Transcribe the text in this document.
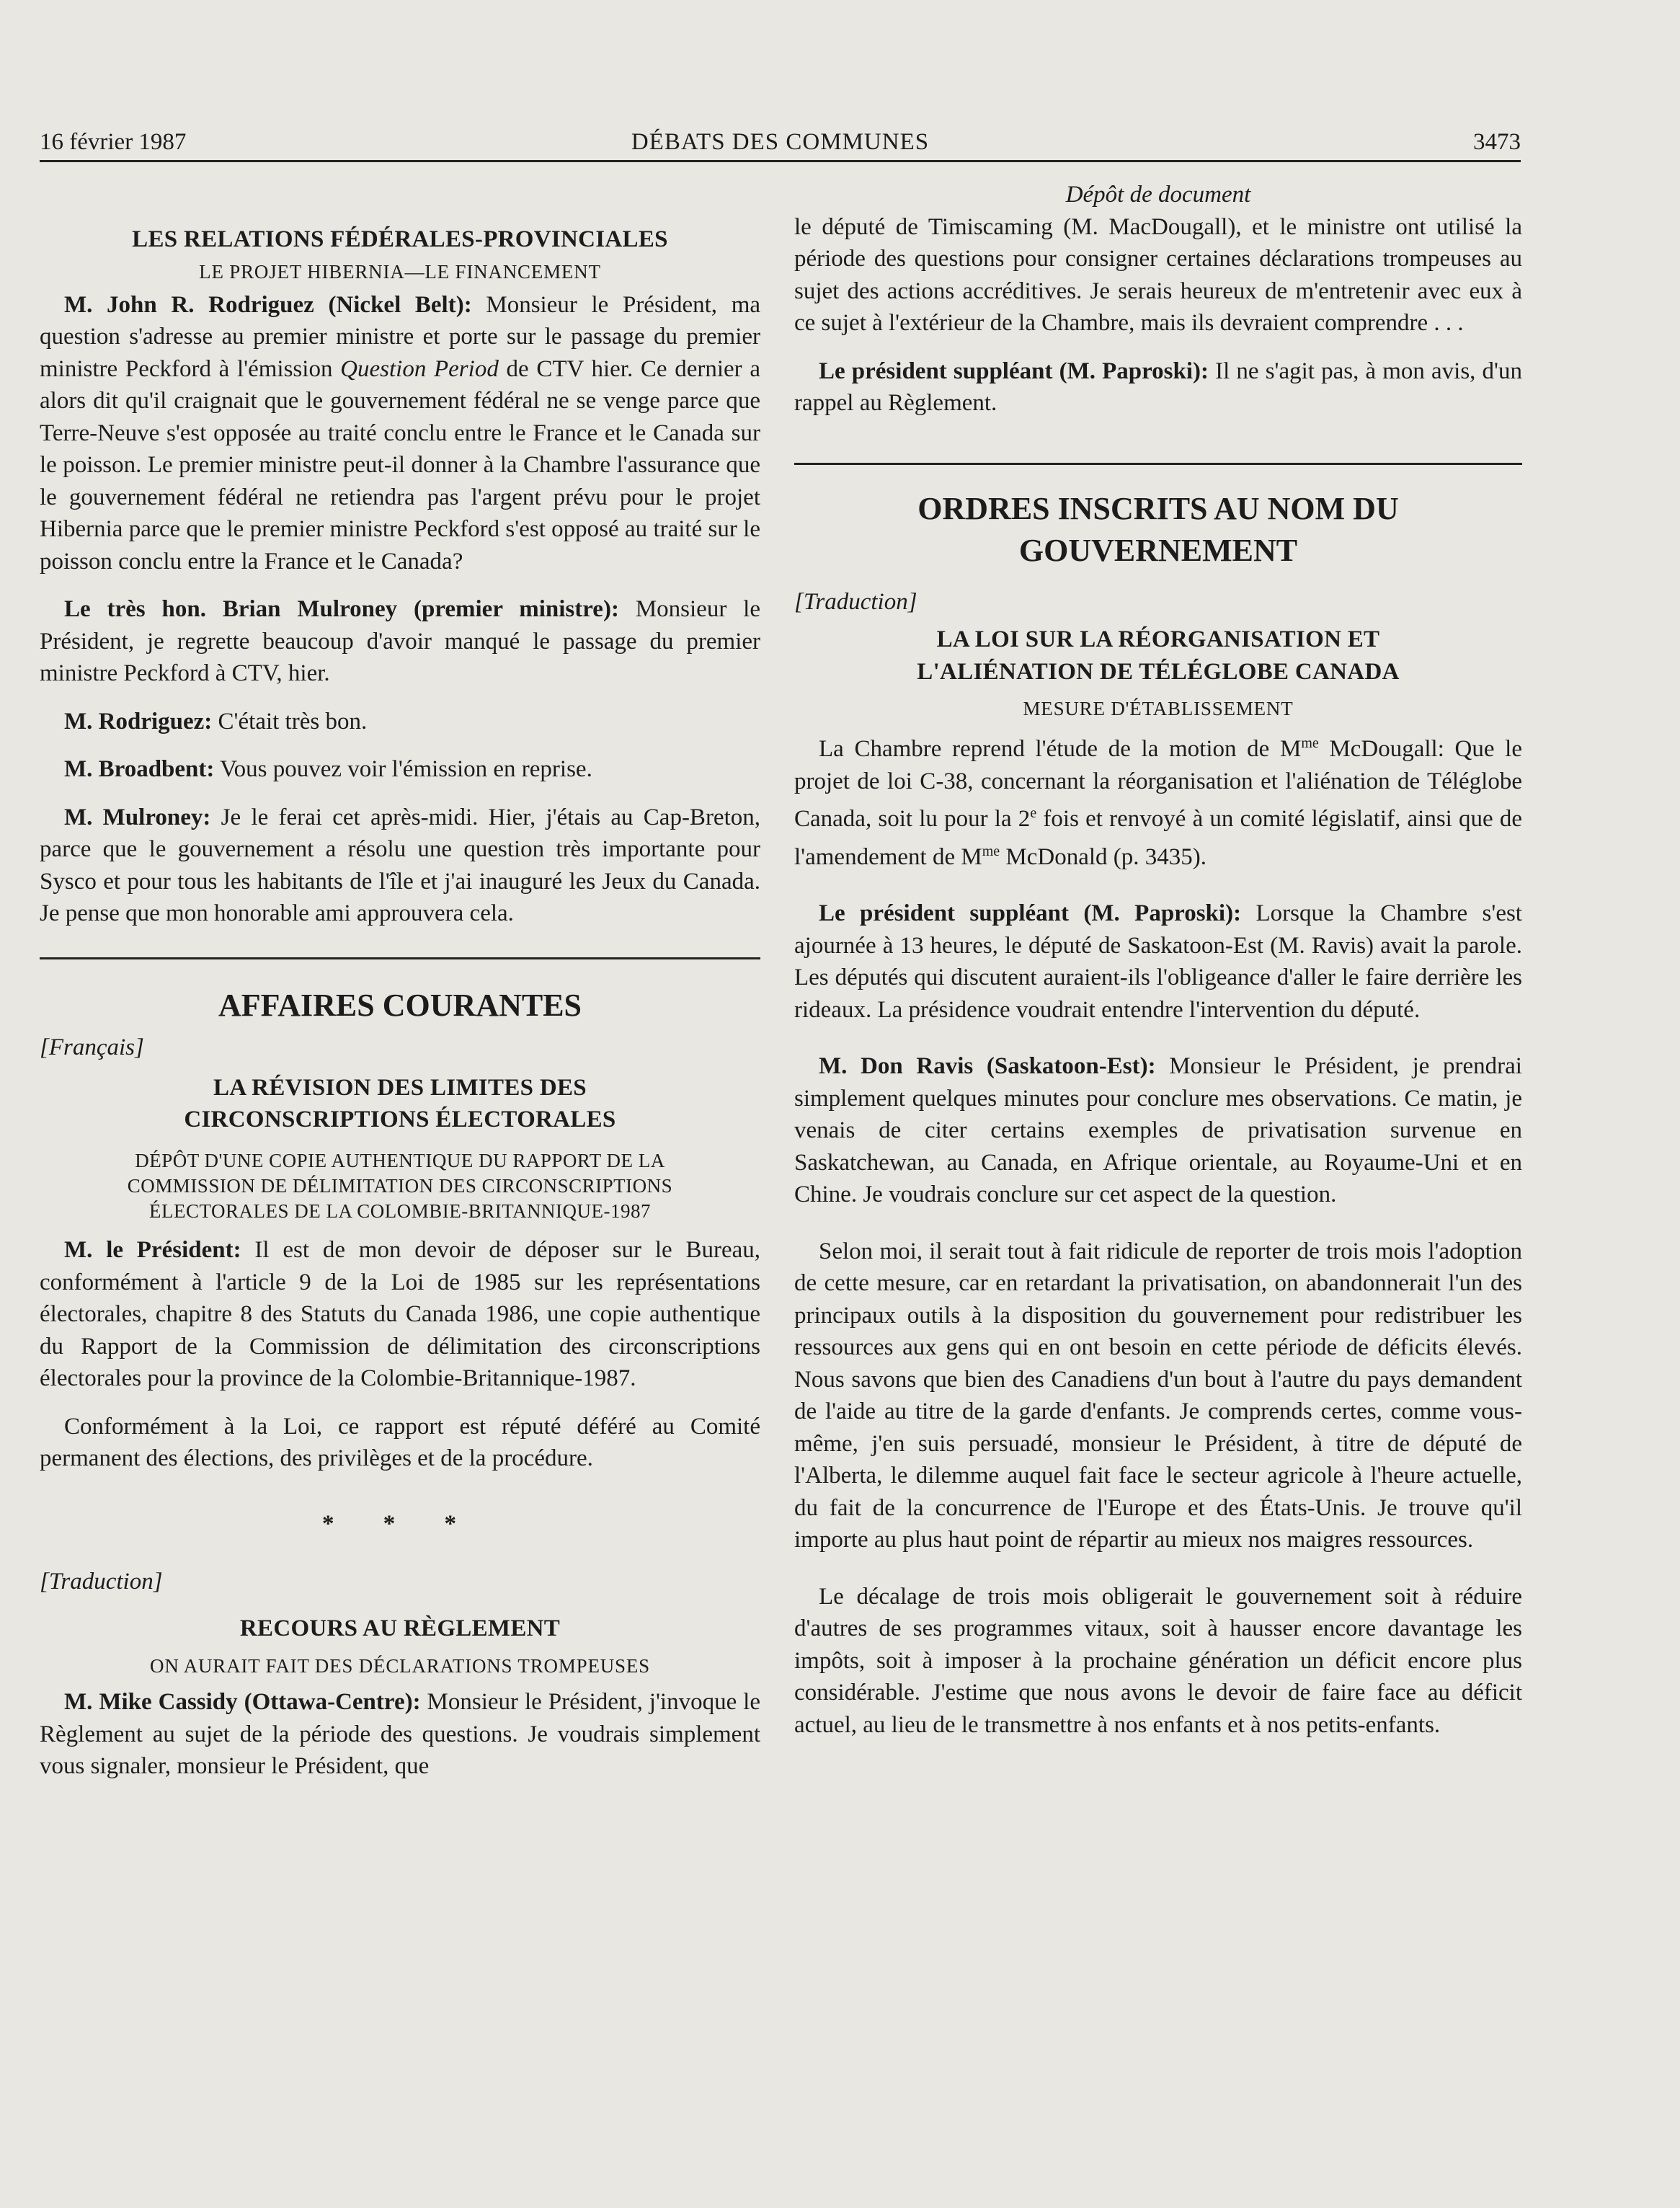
16 février 1987	DÉBATS DES COMMUNES	3473

LES RELATIONS FÉDÉRALES-PROVINCIALES

LE PROJET HIBERNIA—LE FINANCEMENT

M. John R. Rodriguez (Nickel Belt): Monsieur le Président, ma question s'adresse au premier ministre et porte sur le passage du premier ministre Peckford à l'émission Question Period de CTV hier. Ce dernier a alors dit qu'il craignait que le gouvernement fédéral ne se venge parce que Terre-Neuve s'est opposée au traité conclu entre le France et le Canada sur le poisson. Le premier ministre peut-il donner à la Chambre l'assurance que le gouvernement fédéral ne retiendra pas l'argent prévu pour le projet Hibernia parce que le premier ministre Peckford s'est opposé au traité sur le poisson conclu entre la France et le Canada?

Le très hon. Brian Mulroney (premier ministre): Monsieur le Président, je regrette beaucoup d'avoir manqué le passage du premier ministre Peckford à CTV, hier.

M. Rodriguez: C'était très bon.

M. Broadbent: Vous pouvez voir l'émission en reprise.

M. Mulroney: Je le ferai cet après-midi. Hier, j'étais au Cap-Breton, parce que le gouvernement a résolu une question très importante pour Sysco et pour tous les habitants de l'île et j'ai inauguré les Jeux du Canada. Je pense que mon honorable ami approuvera cela.

AFFAIRES COURANTES

[Français]

LA RÉVISION DES LIMITES DES
CIRCONSCRIPTIONS ÉLECTORALES

DÉPÔT D'UNE COPIE AUTHENTIQUE DU RAPPORT DE LA
COMMISSION DE DÉLIMITATION DES CIRCONSCRIPTIONS
ÉLECTORALES DE LA COLOMBIE-BRITANNIQUE-1987

M. le Président: Il est de mon devoir de déposer sur le Bureau, conformément à l'article 9 de la Loi de 1985 sur les représentations électorales, chapitre 8 des Statuts du Canada 1986, une copie authentique du Rapport de la Commission de délimitation des circonscriptions électorales pour la province de la Colombie-Britannique-1987.

Conformément à la Loi, ce rapport est réputé déféré au Comité permanent des élections, des privilèges et de la procédure.

* * *

[Traduction]

RECOURS AU RÈGLEMENT

ON AURAIT FAIT DES DÉCLARATIONS TROMPEUSES

M. Mike Cassidy (Ottawa-Centre): Monsieur le Président, j'invoque le Règlement au sujet de la période des questions. Je voudrais simplement vous signaler, monsieur le Président, que

Dépôt de document

le député de Timiscaming (M. MacDougall), et le ministre ont utilisé la période des questions pour consigner certaines déclarations trompeuses au sujet des actions accréditives. Je serais heureux de m'entretenir avec eux à ce sujet à l'extérieur de la Chambre, mais ils devraient comprendre . . .

Le président suppléant (M. Paproski): Il ne s'agit pas, à mon avis, d'un rappel au Règlement.

ORDRES INSCRITS AU NOM DU
GOUVERNEMENT

[Traduction]

LA LOI SUR LA RÉORGANISATION ET
L'ALIÉNATION DE TÉLÉGLOBE CANADA

MESURE D'ÉTABLISSEMENT

La Chambre reprend l'étude de la motion de $M^{me}$ McDougall: Que le projet de loi C-38, concernant la réorganisation et l'aliénation de Téléglobe Canada, soit lu pour la 2e fois et renvoyé à un comité législatif, ainsi que de l'amendement de $M^{me}$ McDonald (p. 3435).

Le président suppléant (M. Paproski): Lorsque la Chambre s'est ajournée à 13 heures, le député de Saskatoon-Est (M. Ravis) avait la parole. Les députés qui discutent auraient-ils l'obligeance d'aller le faire derrière les rideaux. La présidence voudrait entendre l'intervention du député.

M. Don Ravis (Saskatoon-Est): Monsieur le Président, je prendrai simplement quelques minutes pour conclure mes observations. Ce matin, je venais de citer certains exemples de privatisation survenue en Saskatchewan, au Canada, en Afrique orientale, au Royaume-Uni et en Chine. Je voudrais conclure sur cet aspect de la question.

Selon moi, il serait tout à fait ridicule de reporter de trois mois l'adoption de cette mesure, car en retardant la privatisation, on abandonnerait l'un des principaux outils à la disposition du gouvernement pour redistribuer les ressources aux gens qui en ont besoin en cette période de déficits élevés. Nous savons que bien des Canadiens d'un bout à l'autre du pays demandent de l'aide au titre de la garde d'enfants. Je comprends certes, comme vous-même, j'en suis persuadé, monsieur le Président, à titre de député de l'Alberta, le dilemme auquel fait face le secteur agricole à l'heure actuelle, du fait de la concurrence de l'Europe et des États-Unis. Je trouve qu'il importe au plus haut point de répartir au mieux nos maigres ressources.

Le décalage de trois mois obligerait le gouvernement soit à réduire d'autres de ses programmes vitaux, soit à hausser encore davantage les impôts, soit à imposer à la prochaine génération un déficit encore plus considérable. J'estime que nous avons le devoir de faire face au déficit actuel, au lieu de le transmettre à nos enfants et à nos petits-enfants.
